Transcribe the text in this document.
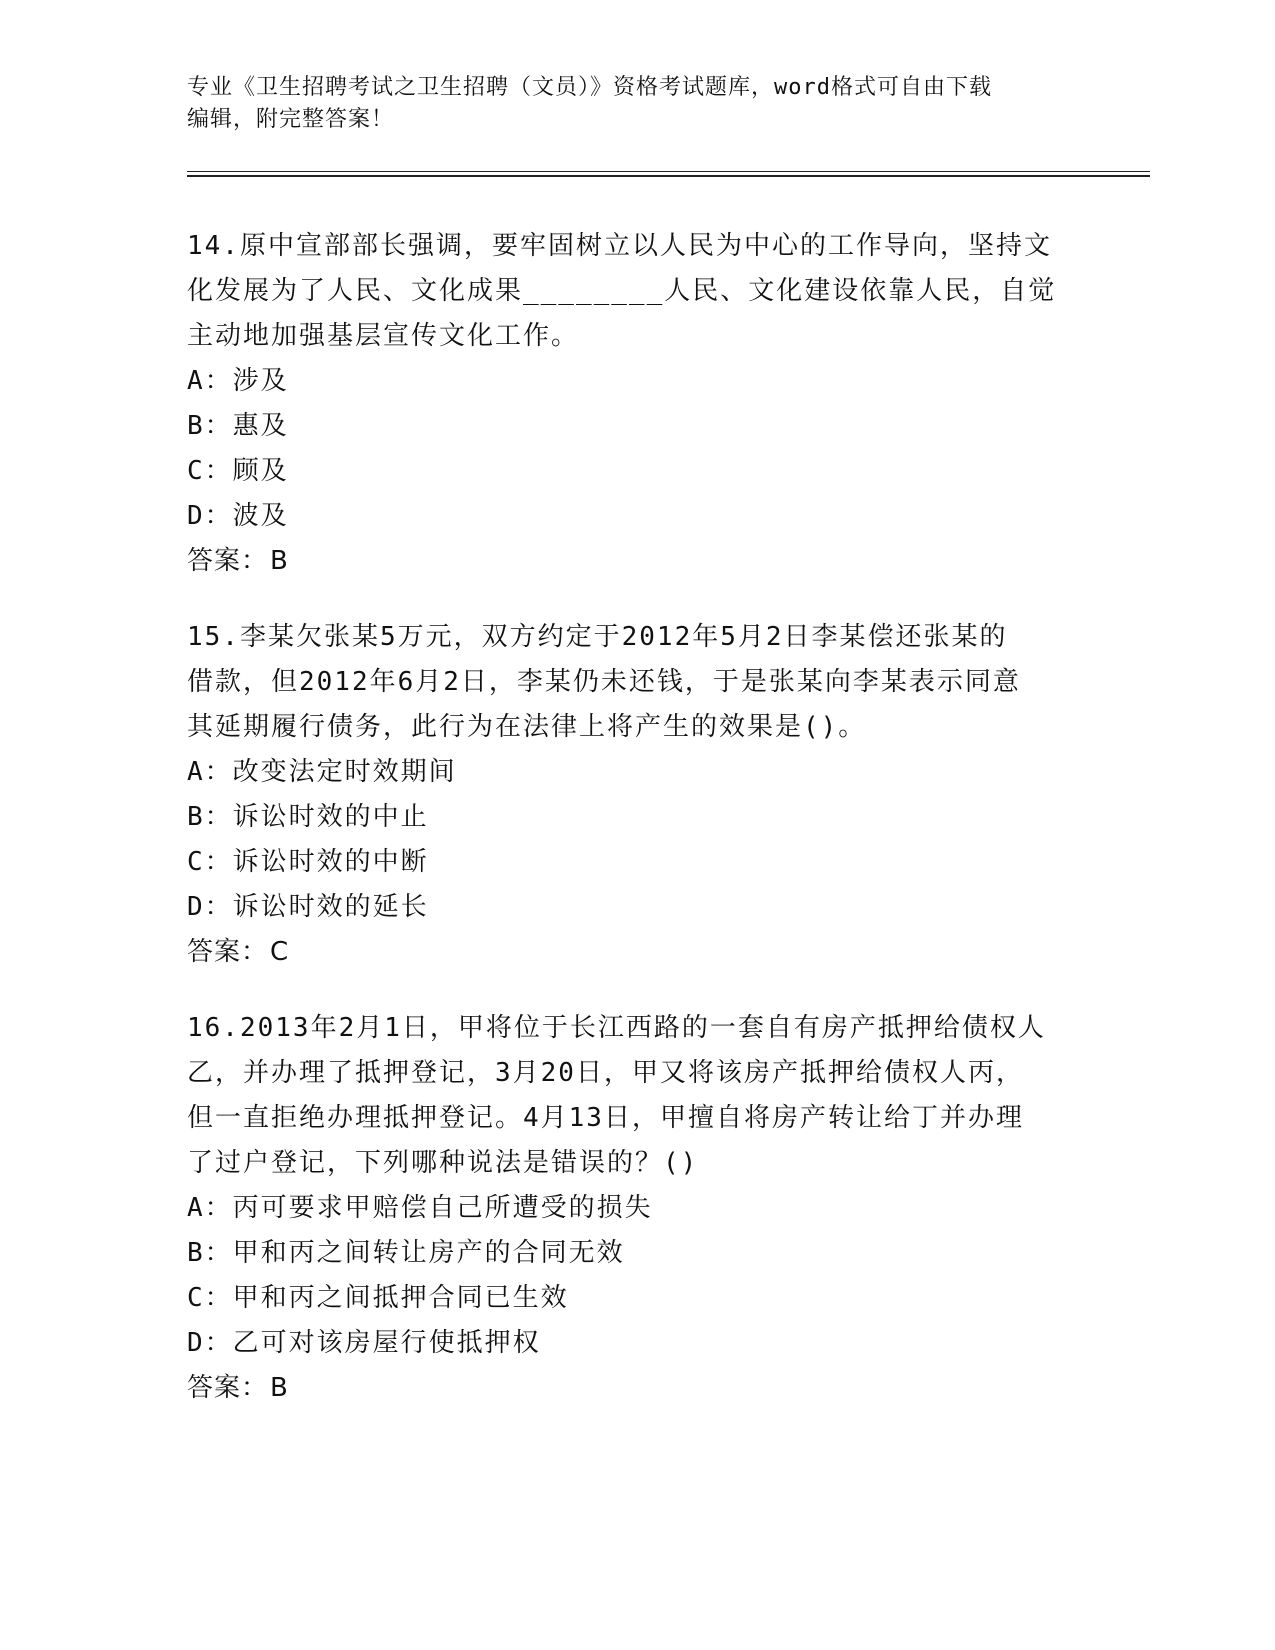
专业《卫生招聘考试之卫生招聘（文员）》资格考试题库，word格式可自由下载
编辑，附完整答案！
14.原中宣部部长强调，要牢固树立以人民为中心的工作导向，坚持文
化发展为了人民、文化成果________人民、文化建设依靠人民，自觉
主动地加强基层宣传文化工作。
A：涉及
B：惠及
C：顾及
D：波及
答案：B
15.李某欠张某5万元，双方约定于2012年5月2日李某偿还张某的
借款，但2012年6月2日，李某仍未还钱，于是张某向李某表示同意
其延期履行债务，此行为在法律上将产生的效果是()。
A：改变法定时效期间
B：诉讼时效的中止
C：诉讼时效的中断
D：诉讼时效的延长
答案：C
16.2013年2月1日，甲将位于长江西路的一套自有房产抵押给债权人
乙，并办理了抵押登记，3月20日，甲又将该房产抵押给债权人丙，
但一直拒绝办理抵押登记。4月13日，甲擅自将房产转让给丁并办理
了过户登记，下列哪种说法是错误的？()
A：丙可要求甲赔偿自己所遭受的损失
B：甲和丙之间转让房产的合同无效
C：甲和丙之间抵押合同已生效
D：乙可对该房屋行使抵押权
答案：B
